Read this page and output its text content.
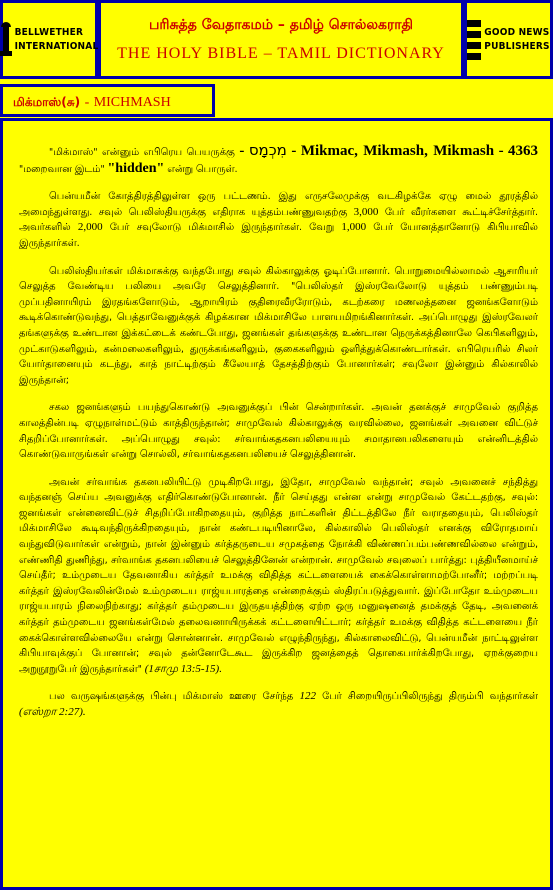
BELLWETHER
INTERNATIONAL
பரிசுத்த வேதாகமம் – தமிழ் சொல்லகராதி
THE HOLY BIBLE – TAMIL DICTIONARY
GOOD NEWS
PUBLISHERS
மிக்மாஸ்(சு) - MICHMASH

"மிக்மாஸ்" என்னும் எபிரெய பெயருக்கு - מִכְמָס - Mikmac, Mikmash, Mikmash - 4363 "மறைவான இடம்" "hidden" என்று பொருள்.

பென்யமீன் கோத்திரத்திலுள்ள ஒரு பட்டணம். இது எருசலேமுக்கு வடகிழக்கே ஏழு மைல் தூரத்தில் அமைந்துள்ளது. சவுல் பெலிஸ்தியருக்கு எதிராக யுத்தம்பண்ணுவதற்கு 3,000 பேர் வீரர்களை கூட்டிச்சேர்த்தார். அவர்களில் 2,000 பேர் சவுலோடு மிக்மாசில் இருந்தார்கள். வேறு 1,000 பேர் யோனத்தானோடு கிபியாவில் இருந்தார்கள்.

பெலிஸ்தியர்கள் மிக்மாசுக்கு வந்தபோது சவுல் கில்காலுக்கு ஓடிப்போனார். பொறுமையில்லாமல் ஆசாரியர் செலுத்த வேண்டிய பலியை அவரே செலுத்தினார். "பெலிஸ்தர் இஸ்ரவேலோடு யுத்தம் பண்ணும்படி முப்பதினாயிரம் இரதங்களோடும், ஆறாயிரம் குதிரைவீரரோடும், கடற்கரை மணலத்தனை ஜனங்களோடும் கூடிக்கொண்டுவந்து, பெத்தாவேனுக்குக் கிழக்கான மிக்மாசிலே பாளயமிறங்கினார்கள். அப்பொழுது இஸ்ரவேலர் தங்களுக்கு உண்டான இக்கட்டைக் கண்டபோது, ஜனங்கள் தங்களுக்கு உண்டான நெருக்கத்தினாலே கெபிகளிலும், முட்காடுகளிலும், கன்மலைகளிலும், துருக்கங்களிலும், குகைகளிலும் ஒளித்துக்கொண்டார்கள். எபிரெயரில் சிலர் யோர்தானையும் கடந்து, காத் நாட்டிற்கும் கீலேயாத் தேசத்திற்கும் போனார்கள்; சவுலோ இன்னும் கில்காலில் இருந்தான்;

சகல ஜனங்களும் பயந்துகொண்டு அவனுக்குப் பின் சென்றார்கள். அவன் தனக்குச் சாமுவேல் குறித்த காலத்தின்படி ஏழுநாள்மட்டும் காத்திருந்தான்; சாமுவேல் கில்காலுக்கு வரவில்லை, ஜனங்கள் அவனை விட்டுச் சிதறிப்போனார்கள். அப்பொழுது சவுல்: சர்வாங்கதகனபலியையும் சமாதானபலிகளையும் என்னிடத்தில் கொண்டுவாருங்கள் என்று சொல்லி, சர்வாங்கதகனபலியைச் செலுத்தினான்.

அவன் சர்வாங்க தகனபலியிட்டு முடிகிறபோது, இதோ, சாமுவேல் வந்தான்; சவுல் அவனைச் சந்தித்து வந்தனஞ் செய்ய அவனுக்கு எதிர்கொண்டுபோனான். நீர் செய்தது என்ன என்று சாமுவேல் கேட்டதற்கு, சவுல்: ஜனங்கள் என்னைவிட்டுச் சிதறிப்போகிறதையும், குறித்த நாட்களின் திட்டத்திலே நீர் வராததையும், பெலிஸ்தர் மிக்மாசிலே கூடிவந்திருக்கிறதையும், நான் கண்டபடியினாலே, கில்காலில் பெலிஸ்தர் எனக்கு விரோதமாய் வந்துவிடுவார்கள் என்றும், நான் இன்னும் கர்த்தருடைய சமுகத்தை நோக்கி விண்ணப்பம்பண்ணவில்லை என்றும், எண்ணிதி துணிந்து, சர்வாங்க தகனபலியைச் செலுத்தினேன் என்றான். சாமுவேல் சவுலைப் பார்த்து: புத்தியீனமாய்ச் செய்தீர்; உம்முடைய தேவனாகிய கர்த்தர் உமக்கு விதித்த கட்டளையைக் கைக்கொள்ளாமற்போனீர்; மற்றப்படி கர்த்தர் இஸ்ரவேலின்மேல் உம்முடைய ராஜ்யபாரத்தை என்றைக்கும் ஸ்திரப்படுத்துவார். இப்போதோ உம்முடைய ராஜ்யபாரம் நிலைநிற்காது; கர்த்தர் தம்முடைய இருதயத்திற்கு ஏற்ற ஒரு மனுஷனைத் தமக்குத் தேடி, அவனைக் கர்த்தர் தம்முடைய ஜனங்கள்மேல் தலைவனாயிருக்கக் கட்டளையிட்டார்; கர்த்தர் உமக்கு விதித்த கட்டளையை நீர் கைக்கொள்ளவில்லையே என்று சொன்னான். சாமுவேல் எழுந்திருந்து, கில்காலைவிட்டு, பென்யமீன் நாட்டிலுள்ள கிபியாவுக்குப் போனான்; சவுல் தன்னோடேகூட இருக்கிற ஜனத்தைத் தொகைபார்க்கிறபோது, ஏறக்குறைய அறுநூறுபேர் இருந்தார்கள்" (1சாமு 13:5-15).

பல வருஷங்களுக்கு பின்பு மிக்மாஸ் ஊரை சேர்ந்த 122 பேர் சிறையிருப்பிலிருந்து திரும்பி வந்தார்கள் (எஸ்றா 2:27).
